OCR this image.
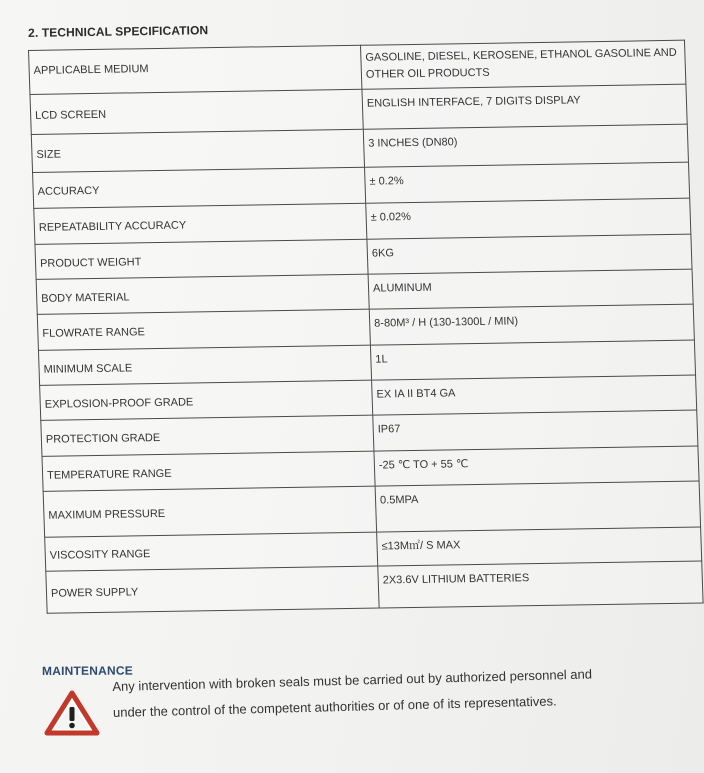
2. TECHNICAL SPECIFICATION
APPLICABLE MEDIUM	GASOLINE, DIESEL, KEROSENE, ETHANOL GASOLINE AND OTHER OIL PRODUCTS
LCD SCREEN	ENGLISH INTERFACE, 7 DIGITS DISPLAY
SIZE	3 INCHES (DN80)
ACCURACY	± 0.2%
REPEATABILITY ACCURACY	± 0.02%
PRODUCT WEIGHT	6KG
BODY MATERIAL	ALUMINUM
FLOWRATE RANGE	8-80M³ / H (130-1300L / MIN)
MINIMUM SCALE	1L
EXPLOSION-PROOF GRADE	EX IA II BT4 GA
PROTECTION GRADE	IP67
TEMPERATURE RANGE	-25 ℃ TO + 55 ℃
MAXIMUM PRESSURE	0.5MPA
VISCOSITY RANGE	≤13M㎡/ S MAX
POWER SUPPLY	2X3.6V LITHIUM BATTERIES
MAINTENANCE
Any intervention with broken seals must be carried out by authorized personnel and
under the control of the competent authorities or of one of its representatives.
